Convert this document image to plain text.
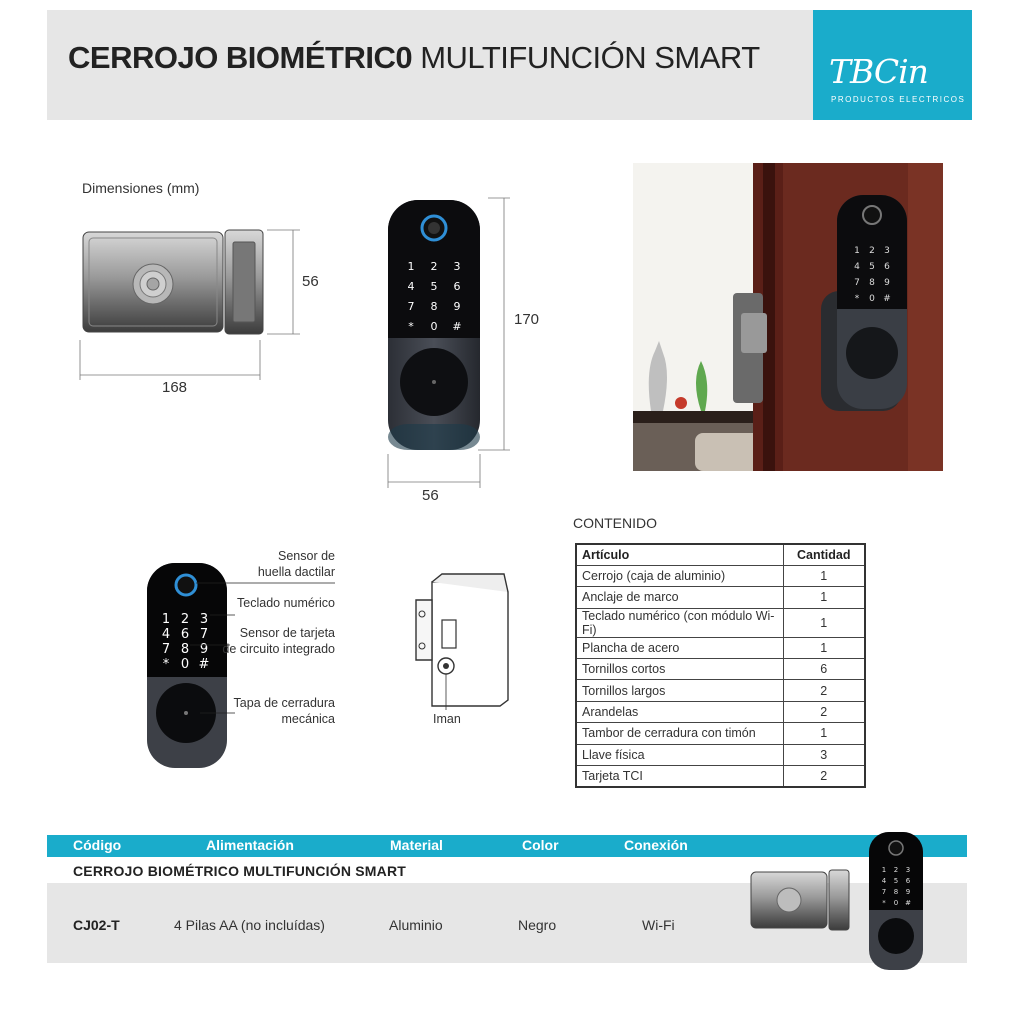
CERROJO BIOMÉTRIC0 MULTIFUNCIÓN SMART TBCin
PRODUCTOS ELECTRICOS
Dimensiones (mm)
56
168
1 2 3
4 5 6
7 8 9
* 0 #	170
56
1 2 3
4 5 6
7 8 9
* 0 #
1 2 3
4 6 7
7 8 9
* 0 #
Sensor de
huella dactilar
Teclado numérico
Sensor de tarjeta
de circuito integrado
Tapa de cerradura
mecánica	Iman
CONTENIDO
Artículo	Cantidad
Cerrojo (caja de aluminio)	1
Anclaje de marco	1
Teclado numérico (con módulo Wi-Fi)	1
Plancha de acero	1
Tornillos cortos	6
Tornillos largos	2
Arandelas	2
Tambor de cerradura con timón	1
Llave física	3
Tarjeta TCI	2
Código	Alimentación	Material	Color	Conexión
CERROJO BIOMÉTRICO MULTIFUNCIÓN SMART
CJ02-T	4 Pilas AA (no incluídas)	Aluminio	Negro	Wi-Fi
1 2 3
4 5 6
7 8 9
* 0 #
